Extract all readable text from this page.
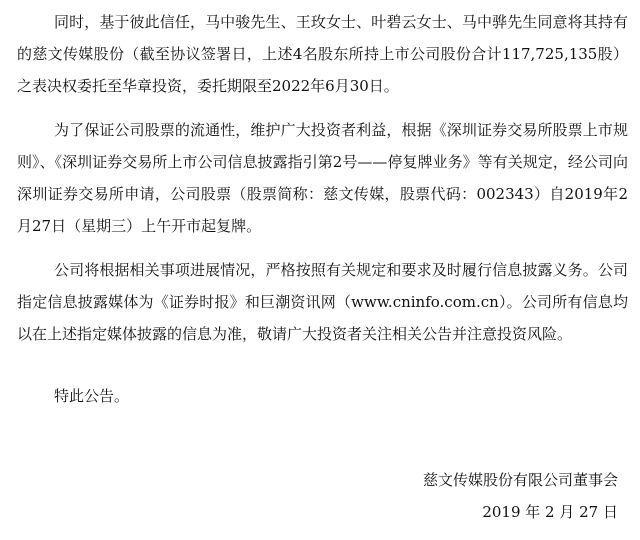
同时，基于彼此信任，马中骏先生、王玫女士、叶碧云女士、马中骅先生同意将其持有的慈文传媒股份（截至协议签署日，上述4名股东所持上市公司股份合计117,725,135股）之表决权委托至华章投资，委托期限至2022年6月30日。

为了保证公司股票的流通性，维护广大投资者利益，根据《深圳证券交易所股票上市规则》、《深圳证券交易所上市公司信息披露指引第2号——停复牌业务》等有关规定，经公司向深圳证券交易所申请，公司股票（股票简称：慈文传媒，股票代码：002343）自2019年2月27日（星期三）上午开市起复牌。

公司将根据相关事项进展情况，严格按照有关规定和要求及时履行信息披露义务。公司指定信息披露媒体为《证券时报》和巨潮资讯网（www.cninfo.com.cn）。公司所有信息均以在上述指定媒体披露的信息为准，敬请广大投资者关注相关公告并注意投资风险。

特此公告。

慈文传媒股份有限公司董事会

2019 年 2 月 27 日
